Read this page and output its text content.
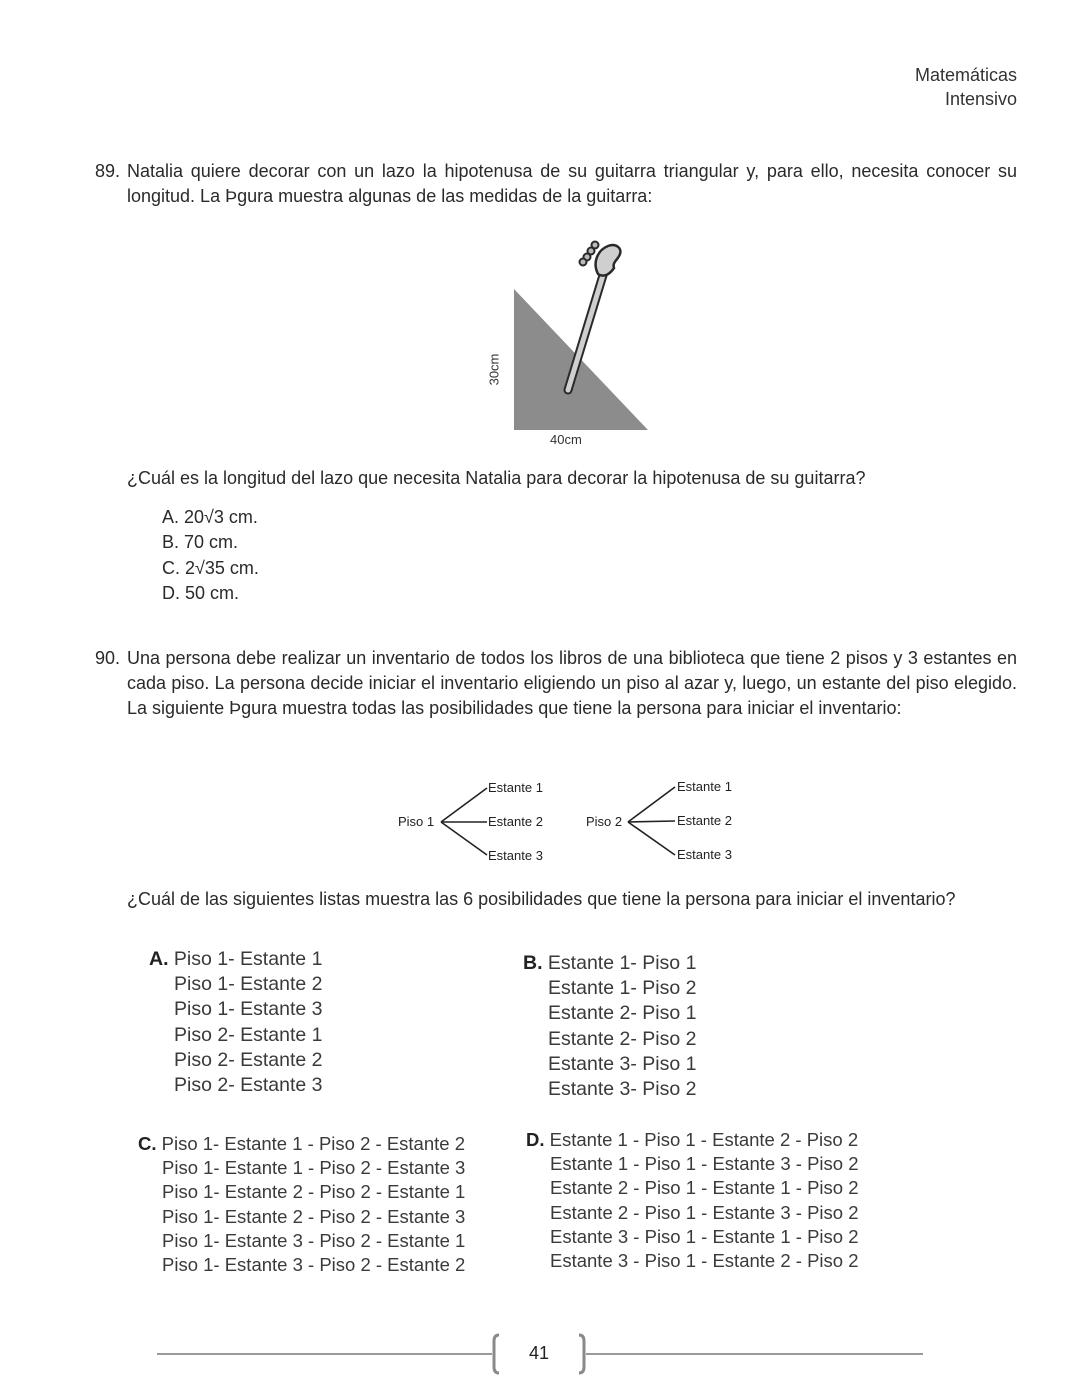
Matemáticas
Intensivo
89. Natalia quiere decorar con un lazo la hipotenusa de su guitarra triangular y, para ello, necesita conocer su longitud. La Þgura muestra algunas de las medidas de la guitarra:
30cm
40cm
¿Cuál es la longitud del lazo que necesita Natalia para decorar la hipotenusa de su guitarra?
A. 20√3 cm.
B. 70 cm.
C. 2√35 cm.
D. 50 cm.
90. Una persona debe realizar un inventario de todos los libros de una biblioteca que tiene 2 pisos y 3 estantes en cada piso. La persona decide iniciar el inventario eligiendo un piso al azar y, luego, un estante del piso elegido. La siguiente Þgura muestra todas las posibilidades que tiene la persona para iniciar el inventario:
Piso 1
Estante 1
Estante 2
Estante 3
Piso 2
Estante 1
Estante 2
Estante 3
¿Cuál de las siguientes listas muestra las 6 posibilidades que tiene la persona para iniciar el inventario?
A. Piso 1- Estante 1
Piso 1- Estante 2
Piso 1- Estante 3
Piso 2- Estante 1
Piso 2- Estante 2
Piso 2- Estante 3
B. Estante 1- Piso 1
Estante 1- Piso 2
Estante 2- Piso 1
Estante 2- Piso 2
Estante 3- Piso 1
Estante 3- Piso 2
C. Piso 1- Estante 1 - Piso 2 - Estante 2
Piso 1- Estante 1 - Piso 2 - Estante 3
Piso 1- Estante 2 - Piso 2 - Estante 1
Piso 1- Estante 2 - Piso 2 - Estante 3
Piso 1- Estante 3 - Piso 2 - Estante 1
Piso 1- Estante 3 - Piso 2 - Estante 2
D. Estante 1 - Piso 1 - Estante 2 - Piso 2
Estante 1 - Piso 1 - Estante 3 - Piso 2
Estante 2 - Piso 1 - Estante 1 - Piso 2
Estante 2 - Piso 1 - Estante 3 - Piso 2
Estante 3 - Piso 1 - Estante 1 - Piso 2
Estante 3 - Piso 1 - Estante 2 - Piso 2
41
